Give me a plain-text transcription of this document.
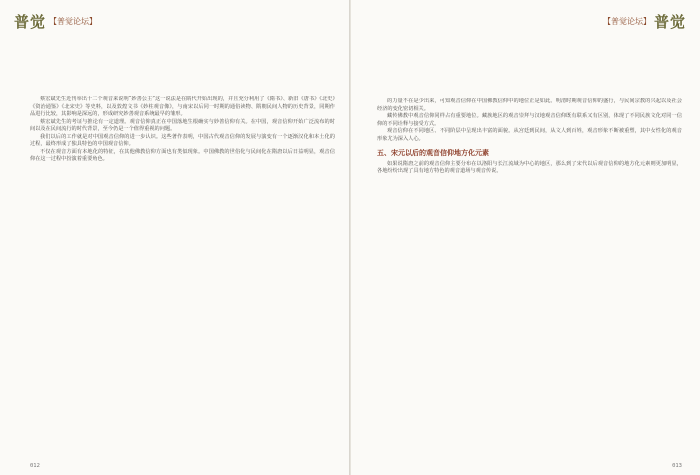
普觉 【普觉论坛】

蔡宏斌先生近刊举出十二个观音来说明“妙善公主”这一说法是在隋代开始出现的，并且充分利用了《隋书》、新旧《唐书》《北史》《资治通鉴》《北宋史》等史料，以及敦煌文书《妙柱观音像》，与南宋以后同一时期的通俗读物、隋朝民间人物的历史背景，同期作品进行比较，其影响是深远的，形成研究妙善观音系统最早的雏形。

蔡宏斌先生的考证与推论有一定道理。观音信仰真正在中国落地生根确实与妙善信仰有关。在中国，观音信仰开始广泛流布的时间以及在民间流行的时代背景，至今仍是一个值得重视的问题。

我们以后的工作就是对中国观音信仰的进一步认识。这些著作表明，中国古代观音信仰的发展与演变有一个逐渐汉化和本土化的过程，最终形成了独具特色的中国观音信仰。

不仅在观音方面有本地化的特征，在其他佛教信仰方面也有类似现象。中国佛教的世俗化与民间化在隋唐以后日益明显，观音信仰在这一过程中扮演着重要角色。

012
【普觉论坛】 普觉

的力量不在是少出来，可知观音信仰在中国佛教信仰中的地位正是如此。明清时期观音信仰的盛行，与民间宗教的兴起以及社会经济的变化密切相关。

藏传佛教中观音信仰同样占有重要地位。藏族地区的观音崇拜与汉地观音信仰既有联系又有区别，体现了不同民族文化对同一信仰的不同诠释与接受方式。

观音信仰在不同地区、不同阶层中呈现出丰富的面貌。从宫廷到民间，从文人到百姓，观音形象不断被重塑，其中女性化的观音形象尤为深入人心。

五、宋元以后的观音信仰地方化元素

如果说隋唐之前的观音信仰主要分布在以洛阳与长江流域为中心的地区，那么到了宋代以后观音信仰的地方化元素则更加明显，各地纷纷出现了具有地方特色的观音道场与观音传说。

013
